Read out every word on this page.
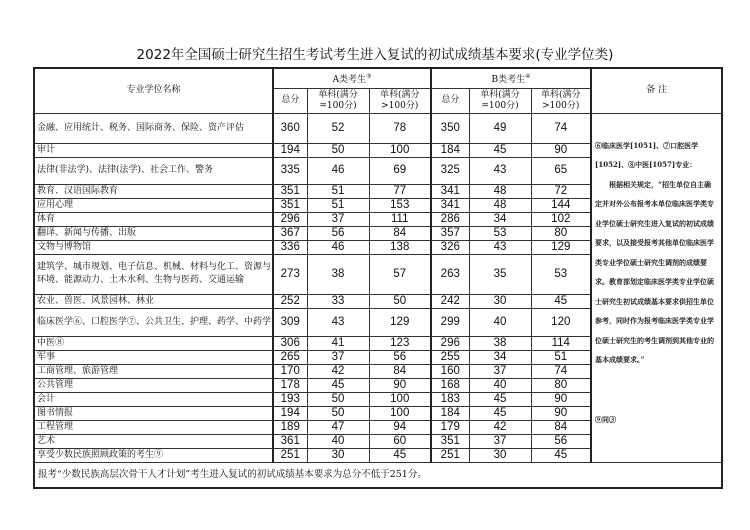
2022年全国硕士研究生招生考试考生进入复试的初试成绩基本要求(专业学位类)
专业学位名称	A类考生③			B类考生④			备 注
	总分	单科(满分=100分)	单科(满分>100分)	总分	单科(满分=100分)	单科(满分>100分)	
金融、应用统计、税务、国际商务、保险、资产评估	360	52	78	350	49	74	⑥临床医学[1051]、⑦口腔医学[1052]、⑧中医[1057]专业：

根据相关规定，“招生单位自主确定并对外公布报考本单位临床医学类专业学位硕士研究生进入复试的初试成绩要求，以及接受报考其他单位临床医学类专业学位硕士研究生调剂的成绩要求。教育部划定临床医学类专业学位硕士研究生初试成绩基本要求供招生单位参考，同时作为报考临床医学类专业学位硕士研究生的考生调剂到其他专业的基本成绩要求。”

⑨同③

审计	194	50	100	184	45	90	
法律(非法学)、法律(法学)、社会工作、警务	335	46	69	325	43	65	
教育、汉语国际教育	351	51	77	341	48	72	
应用心理	351	51	153	341	48	144	
体育	296	37	111	286	34	102	
翻译、新闻与传播、出版	367	56	84	357	53	80	
文物与博物馆	336	46	138	326	43	129	
建筑学、城市规划、电子信息、机械、材料与化工、资源与环境、能源动力、土木水利、生物与医药、交通运输	273	38	57	263	35	53	
农业、兽医、风景园林、林业	252	33	50	242	30	45	
临床医学⑥、口腔医学⑦、公共卫生、护理、药学、中药学	309	43	129	299	40	120	
中医⑧	306	41	123	296	38	114	
军事	265	37	56	255	34	51	
工商管理、旅游管理	170	42	84	160	37	74	
公共管理	178	45	90	168	40	80	
会计	193	50	100	183	45	90	
图书情报	194	50	100	184	45	90	
工程管理	189	47	94	179	42	84	
艺术	361	40	60	351	37	56	
享受少数民族照顾政策的考生⑨	251	30	45	251	30	45	
报考“少数民族高层次骨干人才计划”考生进入复试的初试成绩基本要求为总分不低于251分。							
